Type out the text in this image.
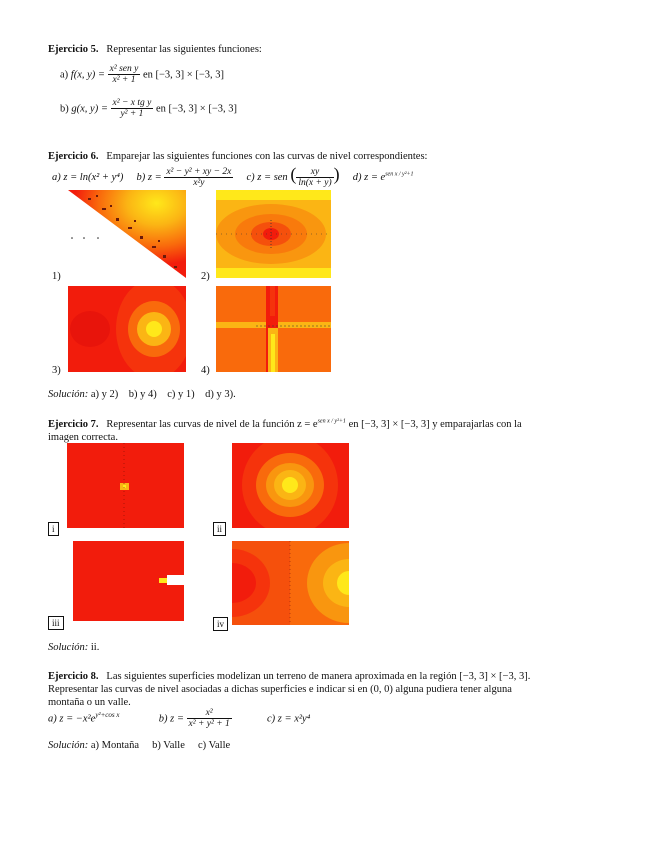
Ejercicio 5. Representar las siguientes funciones:
a) f(x, $y) = \frac{\text{x² sen y}}{\text{x² + 1}}$ en [−3, 3] × [−3, 3]
b) g(x, $y) = \frac{\text{x² − x tg y}}{\text{y² + 1}}$ en [−3, 3] × [−3, 3]
Ejercicio 6. Emparejar las siguientes funciones con las curvas de nivel correspondientes:
a) z = ln(x² + y⁴) b) $z = \frac{\text{x² − y² + xy − 2x}}{\text{x²y}} c$) z = sen ( $\frac{xy}{\ln(x + y)}$ ) d) $z = e^{sen x / y^2+1}$
1)	2)
3)	4)
Solución: a) y 2)    b) y 4)    c) y 1)    d) y 3).
Ejercicio 7. Representar las curvas de nivel de la función $z = e^{sen x / y^2+1}$ en [−3, 3] × [−3, 3] y emparajarlas con la
imagen correcta.
i	ii
iii	iv
Solución: ii.
Ejercicio 8. Las siguientes superficies modelizan un terreno de manera aproximada en la región [−3, 3] × [−3, 3].
Representar las curvas de nivel asociadas a dichas superficies e indicar si en (0, 0) alguna pudiera tener alguna
montaña o un valle.
a) $z = -x^2e^{y^2+cos x}$	b) $z = \frac{\text{x²}}{\text{x² + y² + 1}}$	c) z = x²y⁴
Solución: a) Montaña     b) Valle     c) Valle
